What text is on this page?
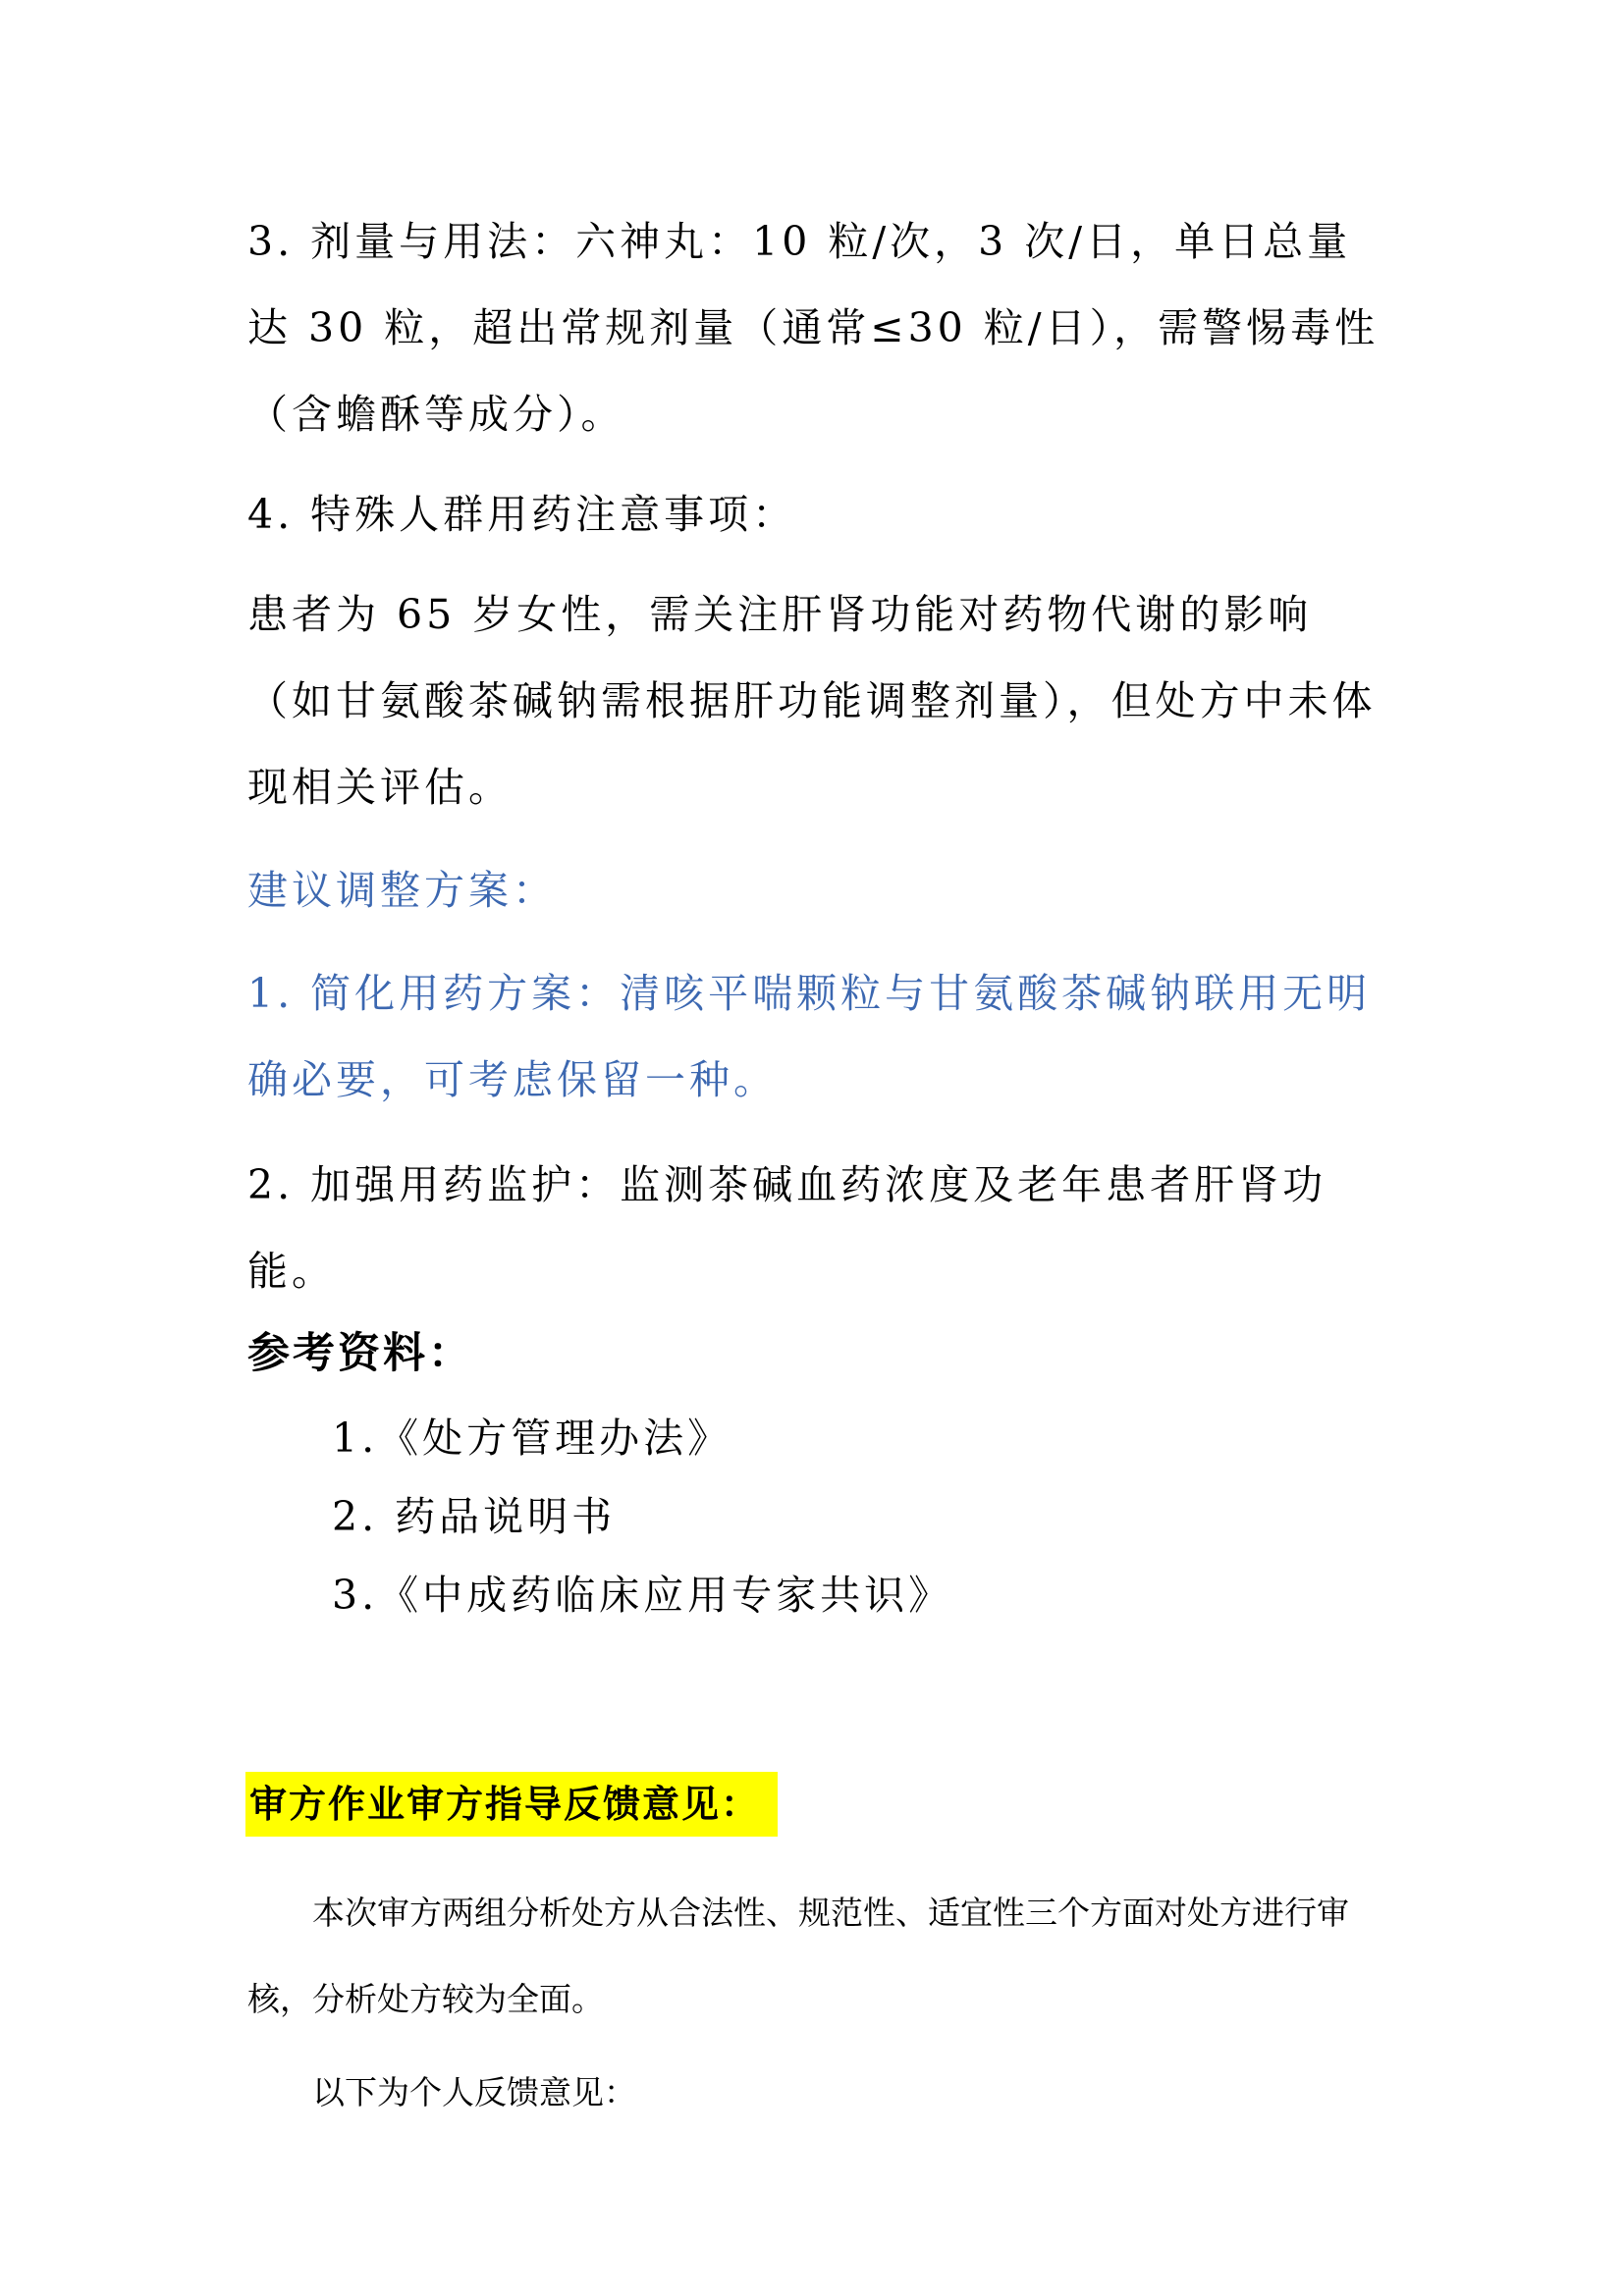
3. 剂量与用法：六神丸：10 粒/次，3 次/日，单日总量达 30 粒，超出常规剂量（通常≤30 粒/日），需警惕毒性（含蟾酥等成分）。

4. 特殊人群用药注意事项：

患者为 65 岁女性，需关注肝肾功能对药物代谢的影响（如甘氨酸茶碱钠需根据肝功能调整剂量），但处方中未体现相关评估。

建议调整方案：

1. 简化用药方案：清咳平喘颗粒与甘氨酸茶碱钠联用无明确必要，可考虑保留一种。

2. 加强用药监护：监测茶碱血药浓度及老年患者肝肾功能。

参考资料：

1.《处方管理办法》

2. 药品说明书

3.《中成药临床应用专家共识》

审方作业审方指导反馈意见：

本次审方两组分析处方从合法性、规范性、适宜性三个方面对处方进行审核，分析处方较为全面。

以下为个人反馈意见：
